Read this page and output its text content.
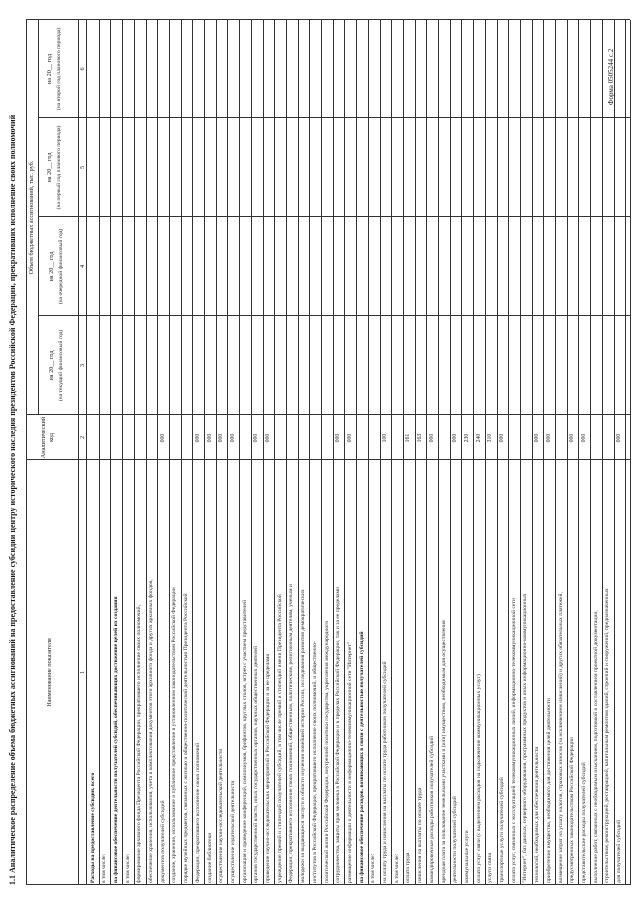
Форма 0505244 с.2
1.1 Аналитическое распределение объема бюджетных ассигнований на предоставление субсидии центру исторического наследия президентов Российской Федерации, прекративших исполнение своих полномочий	Наименование показателя
Аналитический код
Объем бюджетных ассигнований, тыс. руб.
на 20__ год (на текущий финансовый год)
на 20__ год (на очередной финансовый год)
на 20__ год (на первый год планового периода)
на 20__ год (на второй год планового периода)
1
2
3
4
5
6
Расходы на предоставление субсидии, всего в том числе: на финансовое обеспечение деятельности получателей субсидий, обеспечивающих достижение целей их создания в том числе: формирование архивного фонда Президента Российской Федерации, прекратившего исполнение своих полномочий, обеспечение хранения, использования, учета и комплектования документов этого архивного фонда и других архивных фондов, документов получателей субсидий
000
создание, хранение, использование и публичное представление в установленном законодательством Российской Федерации порядке музейных предметов, связанных с жизнью и общественно-политической деятельностью Президента Российской Федерации, прекратившего исполнение своих полномочий
000
создание библиотеки
000
осуществление научно-исследовательской деятельности
000
осуществление издательской деятельности
000
организация и проведение конференций, симпозиумов, брифингов, круглых столов, встреч с участием представителей органов государственной власти, иных государственных органов, научных общественных деятелей
000
проведение научно-исследовательских мероприятий в Российской Федерации и за ее пределами
000
учреждение премий и стипендий получателей субсидий, в том числе премий и стипендий имени Президента Российской Федерации, прекратившего исполнение своих полномочий, общественным, политическим, религиозным деятелям, ученым и молодежи за выдающиеся заслуги в области изучения новейшей истории России, исследования развития демократических институтов в Российской Федерации, прекратившего исполнение своих полномочий, и общественно- политической жизни Российской Федерации, внутренней политики государства, укрепления международного сотрудничества, защиты прав человека в Российской Федерации и в пределах Российской Федерации, так и за ее пределами
000
размещение информации о деятельности в информационно-телекоммуникационной сети "Интернет"
000
на финансовое обеспечение расходов, возникающих в связи с деятельностью получателей субсидий в том числе: на оплату труда и начисления на выплаты по оплате труда работников получателей субсидий
100
в том числе: оплата труда
161
начисления на выплаты по оплате труда
163
командировочные расходы работников получателей субсидий
000
арендная плата за пользование земельными участками и (или) имуществом, необходимым для осуществления деятельности получателей субсидий
000
коммунальные услуги
230
оплата услуг связи (с выделением расходов на подключение коммуникационных услуг)
240
услуги связи
310
транспортные услуги получателей субсидий
000
оплата услуг, связанных с эксплуатацией телекоммуникационных линий, информационно-телекоммуникационной сети "Интернет", баз данных, серверного оборудования, программных продуктов и иных информационно-коммуникационных технологий, необходимых для обеспечения деятельности
000
приобретение имущества, необходимого для достижения целей деятельности
000
возмещение затрат на уплату налогов, страховых взносов (за исключением начислений) и других обязательных платежей, предусмотренных законодательством Российской Федерации
000
представительские расходы получателей субсидий
000
выполнение работ, связанных с необходимым изысканием, подготовкой и составлением проектной документации, строительством, реконструкцией, реставрацией, капитальным ремонтом зданий, строений и сооружений, предназначенных для получателей субсидий
000
